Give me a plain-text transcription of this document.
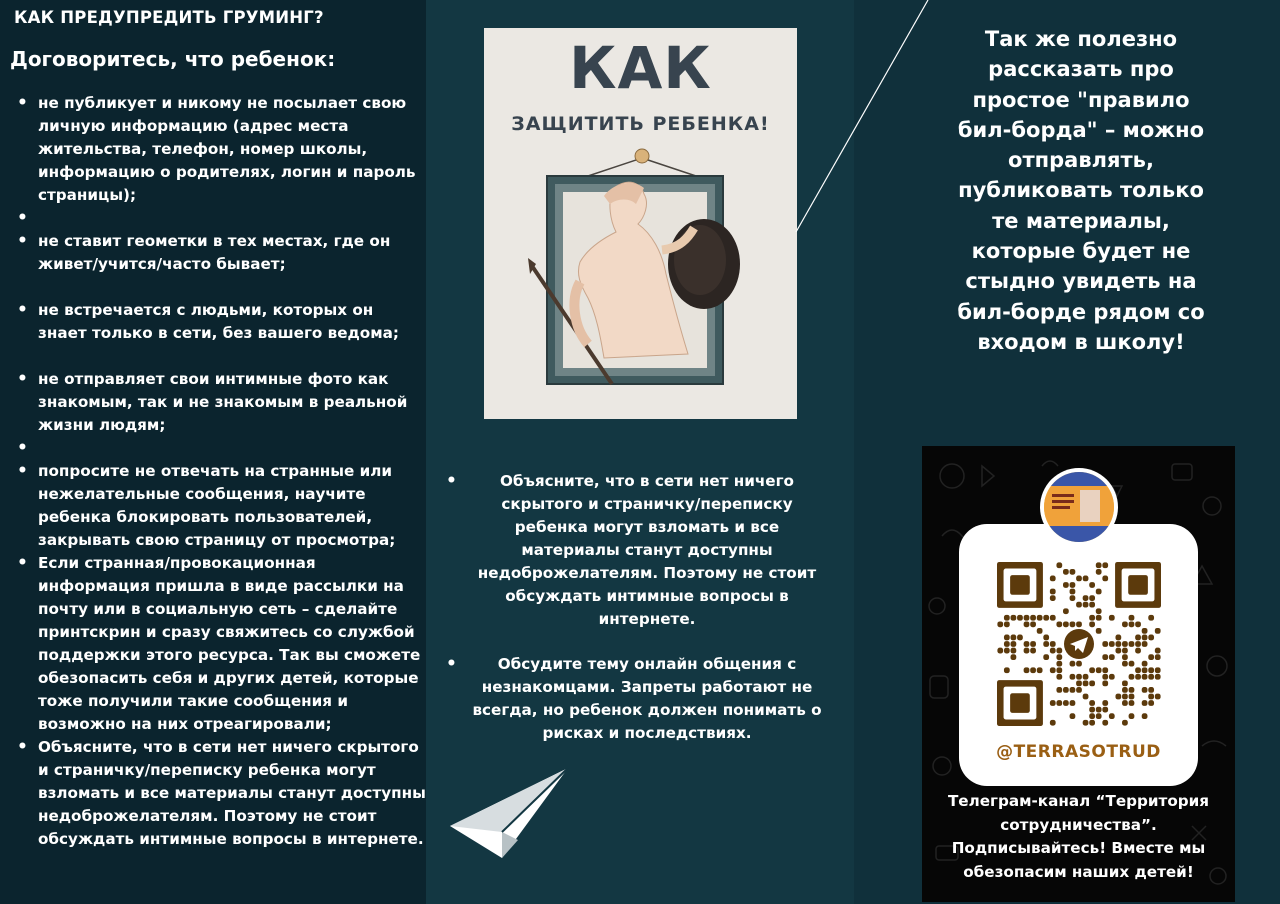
КАК ПРЕДУПРЕДИТЬ ГРУМИНГ?
Договоритесь, что ребенок:
• не публикует и никому не посылает свою личную информацию (адрес места жительства, телефон, номер школы, информацию о родителях, логин и пароль страницы);
•
• не ставит геометки в тех местах, где он живет/учится/часто бывает;
• не встречается с людьми, которых он знает только в сети, без вашего ведома;
• не отправляет свои интимные фото как знакомым, так и не знакомым в реальной жизни людям;
•
• попросите не отвечать на странные или нежелательные сообщения, научите ребенка блокировать пользователей, закрывать свою страницу от просмотра;
• Если странная/провокационная информация пришла в виде рассылки на почту или в социальную сеть – сделайте принтскрин и сразу свяжитесь со службой поддержки этого ресурса. Так вы сможете обезопасить себя и других детей, которые тоже получили такие сообщения и возможно на них отреагировали;
• Объясните, что в сети нет ничего скрытого и страничку/переписку ребенка могут взломать и все материалы станут доступны недоброжелателям. Поэтому не стоит обсуждать интимные вопросы в интернете.
КАК
ЗАЩИТИТЬ РЕБЕНКА!
• Объясните, что в сети нет ничего скрытого и страничку/переписку ребенка могут взломать и все материалы станут доступны недоброжелателям. Поэтому не стоит обсуждать интимные вопросы в интернете.
• Обсудите тему онлайн общения с незнакомцами. Запреты работают не всегда, но ребенок должен понимать о рисках и последствиях.
Так же полезно рассказать про простое "правило бил-борда" – можно отправлять, публиковать только те материалы, которые будет не стыдно увидеть на бил-борде рядом со входом в школу!
@TERRASOTRUD
Телеграм-канал “Территория сотрудничества”. Подписывайтесь! Вместе мы обезопасим наших детей!
